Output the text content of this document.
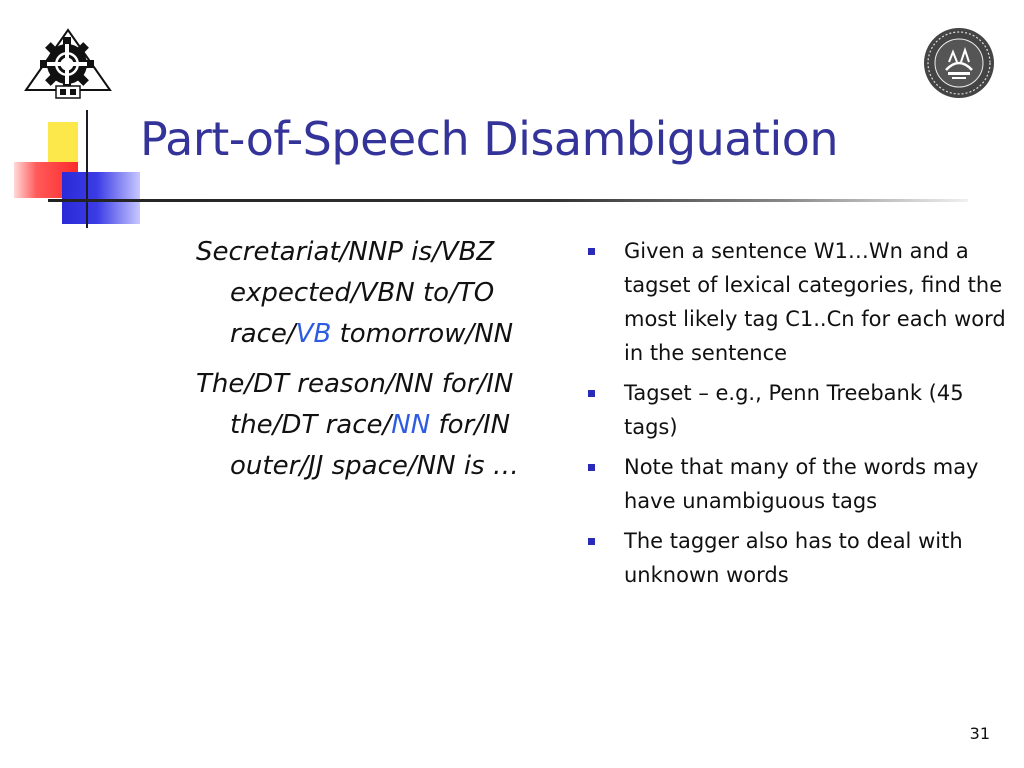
Part-of-Speech Disambiguation

Secretariat/NNP is/VBZ expected/VBN to/TO race/VB tomorrow/NN

The/DT reason/NN for/IN the/DT race/NN for/IN outer/JJ space/NN is …

Given a sentence W1…Wn and a tagset of lexical categories, find the most likely tag C1..Cn for each word in the sentence
Tagset – e.g., Penn Treebank (45 tags)
Note that many of the words may have unambiguous tags
The tagger also has to deal with unknown words
31
